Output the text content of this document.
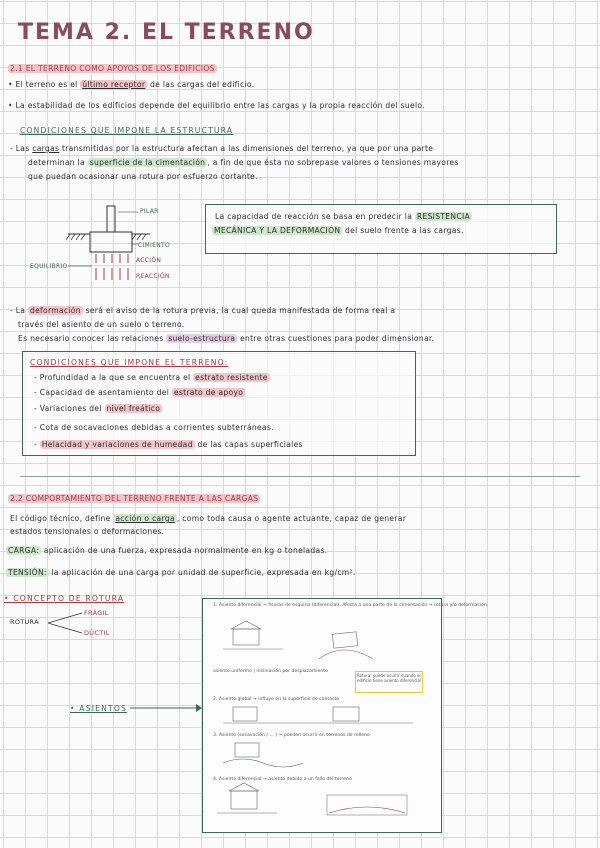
TEMA 2. EL TERRENO
2.1 EL TERRENO COMO APOYOS DE LOS EDIFICIOS
• El terreno es el último receptor de las cargas del edificio.
• La estabilidad de los edificios depende del equilibrio entre las cargas y la propia reacción del suelo.
CONDICIONES QUE IMPONE LA ESTRUCTURA
- Las cargas transmitidas por la estructura afectan a las dimensiones del terreno, ya que por una parte
determinan la superficie de la cimentación , a fin de que ésta no sobrepase valores o tensiones mayores
que puedan ocasionar una rotura por esfuerzo cortante.
PILAR
CIMIENTO
ACCIÓN
REACCIÓN
EQUILIBRIO
La capacidad de reacción se basa en predecir la RESISTENCIA
MECÁNICA Y LA DEFORMACIÓN del suelo frente a las cargas.
- La deformación será el aviso de la rotura previa, la cual queda manifestada de forma real a
través del asiento de un suelo o terreno.
Es necesario conocer las relaciones suelo-estructura entre otras cuestiones para poder dimensionar.
CONDICIONES QUE IMPONE EL TERRENO:
- Profundidad a la que se encuentra el estrato resistente
- Capacidad de asentamiento del estrato de apoyo
- Variaciones del nivel freático
- Cota de socavaciones debidas a corrientes subterráneas.
- Helacidad y variaciones de humedad de las capas superficiales
2.2 COMPORTAMIENTO DEL TERRENO FRENTE A LAS CARGAS
El código técnico, define acción o carga , como toda causa o agente actuante, capaz de generar
estados tensionales o deformaciones.
CARGA: aplicación de una fuerza, expresada normalmente en kg o toneladas.
TENSIÓN: la aplicación de una carga por unidad de superficie, expresada en kg/cm².
• CONCEPTO DE ROTURA
ROTURA
FRÁGIL
DÚCTIL
• ASIENTOS
1. Asiento diferencial → fisuras de esquina (diferencial). Afecta a una parte de la cimentación → rotura y/o deformación.
asiento uniforme | inclinación por desplazamiento
Rotura: puede ocurrir cuando el edificio tiene asiento diferencial
2. Asiento global → influye en la superficie de contacto
3. Asiento (socavación / ... ) → pueden ocurrir en terrenos de relleno
4. Asiento diferencial → asiento debido a un fallo del terreno
